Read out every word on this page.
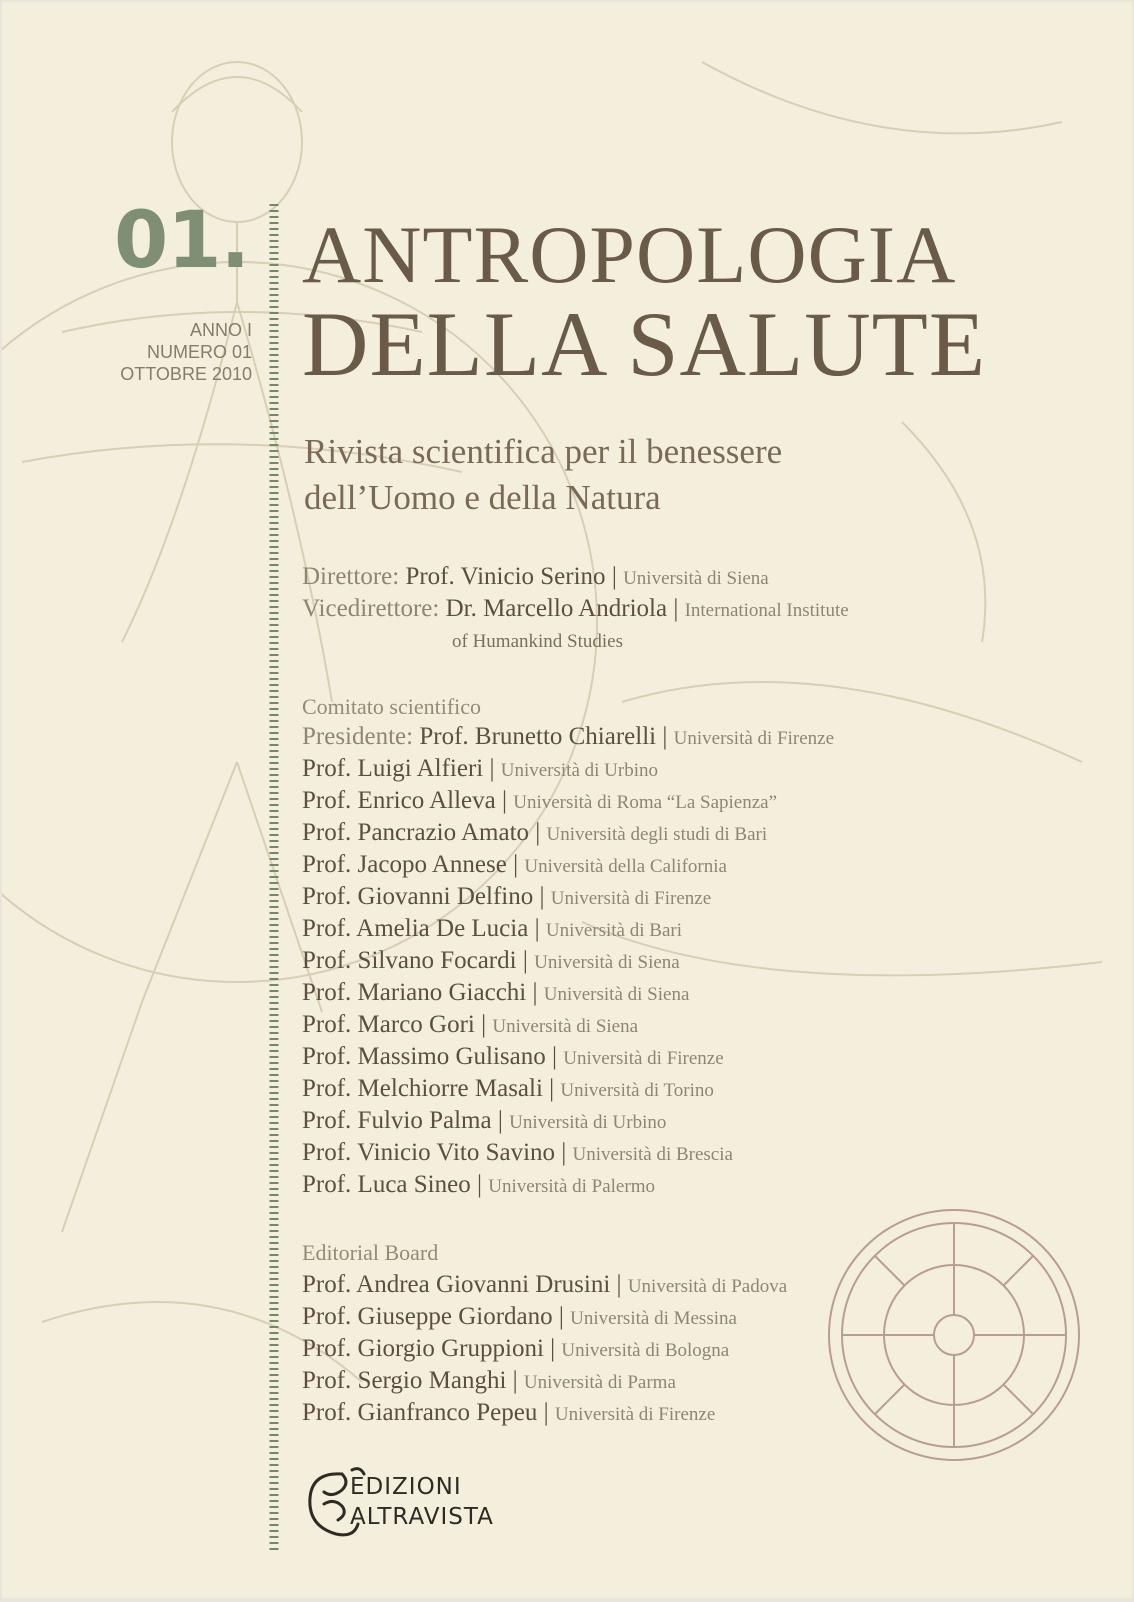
01.
ANNO I
NUMERO 01
OTTOBRE 2010
ANTROPOLOGIA
DELLA SALUTE
Rivista scientifica per il benessere
dell’Uomo e della Natura
Direttore: Prof. Vinicio Serino | Università di Siena
Vicedirettore: Dr. Marcello Andriola | International Institute
of Humankind Studies
Comitato scientifico
Presidente: Prof. Brunetto Chiarelli | Università di Firenze
Prof. Luigi Alfieri | Università di Urbino
Prof. Enrico Alleva | Università di Roma “La Sapienza”
Prof. Pancrazio Amato | Università degli studi di Bari
Prof. Jacopo Annese | Università della California
Prof. Giovanni Delfino | Università di Firenze
Prof. Amelia De Lucia | Università di Bari
Prof. Silvano Focardi | Università di Siena
Prof. Mariano Giacchi | Università di Siena
Prof. Marco Gori | Università di Siena
Prof. Massimo Gulisano | Università di Firenze
Prof. Melchiorre Masali | Università di Torino
Prof. Fulvio Palma | Università di Urbino
Prof. Vinicio Vito Savino | Università di Brescia
Prof. Luca Sineo | Università di Palermo
Editorial Board
Prof. Andrea Giovanni Drusini | Università di Padova
Prof. Giuseppe Giordano | Università di Messina
Prof. Giorgio Gruppioni | Università di Bologna
Prof. Sergio Manghi | Università di Parma
Prof. Gianfranco Pepeu | Università di Firenze
EDIZIONI
ALTRAVISTA
